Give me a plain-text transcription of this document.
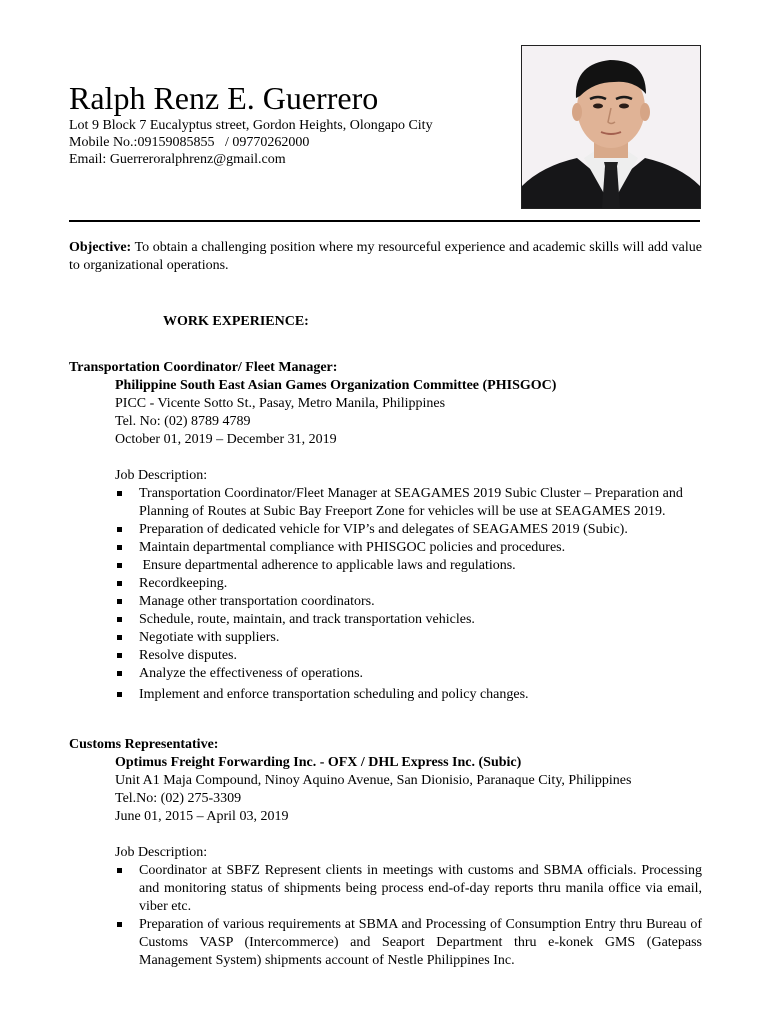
Ralph Renz E. Guerrero
Lot 9 Block 7 Eucalyptus street, Gordon Heights, Olongapo City
Mobile No.:09159085855   / 09770262000
Email: Guerreroralphrenz@gmail.com

Objective: To obtain a challenging position where my resourceful experience and academic skills will add value to organizational operations.

WORK EXPERIENCE:
Transportation Coordinator/ Fleet Manager:
Philippine South East Asian Games Organization Committee (PHISGOC)
PICC - Vicente Sotto St., Pasay, Metro Manila, Philippines
Tel. No: (02) 8789 4789
October 01, 2019 – December 31, 2019
Job Description:
Transportation Coordinator/Fleet Manager at SEAGAMES 2019 Subic Cluster – Preparation and Planning of Routes at Subic Bay Freeport Zone for vehicles will be use at SEAGAMES 2019.
Preparation of dedicated vehicle for VIP’s and delegates of SEAGAMES 2019 (Subic).
Maintain departmental compliance with PHISGOC policies and procedures.
Ensure departmental adherence to applicable laws and regulations.
Recordkeeping.
Manage other transportation coordinators.
Schedule, route, maintain, and track transportation vehicles.
Negotiate with suppliers.
Resolve disputes.
Analyze the effectiveness of operations.
Implement and enforce transportation scheduling and policy changes.
Customs Representative:
Optimus Freight Forwarding Inc. - OFX / DHL Express Inc. (Subic)
Unit A1 Maja Compound, Ninoy Aquino Avenue, San Dionisio, Paranaque City, Philippines
Tel.No: (02) 275-3309
June 01, 2015 – April 03, 2019
Job Description:
Coordinator at SBFZ Represent clients in meetings with customs and SBMA officials. Processing and monitoring status of shipments being process end-of-day reports thru manila office via email, viber etc.
Preparation of various requirements at SBMA and Processing of Consumption Entry thru Bureau of Customs VASP (Intercommerce) and Seaport Department thru e-konek GMS (Gatepass Management System) shipments account of Nestle Philippines Inc.
